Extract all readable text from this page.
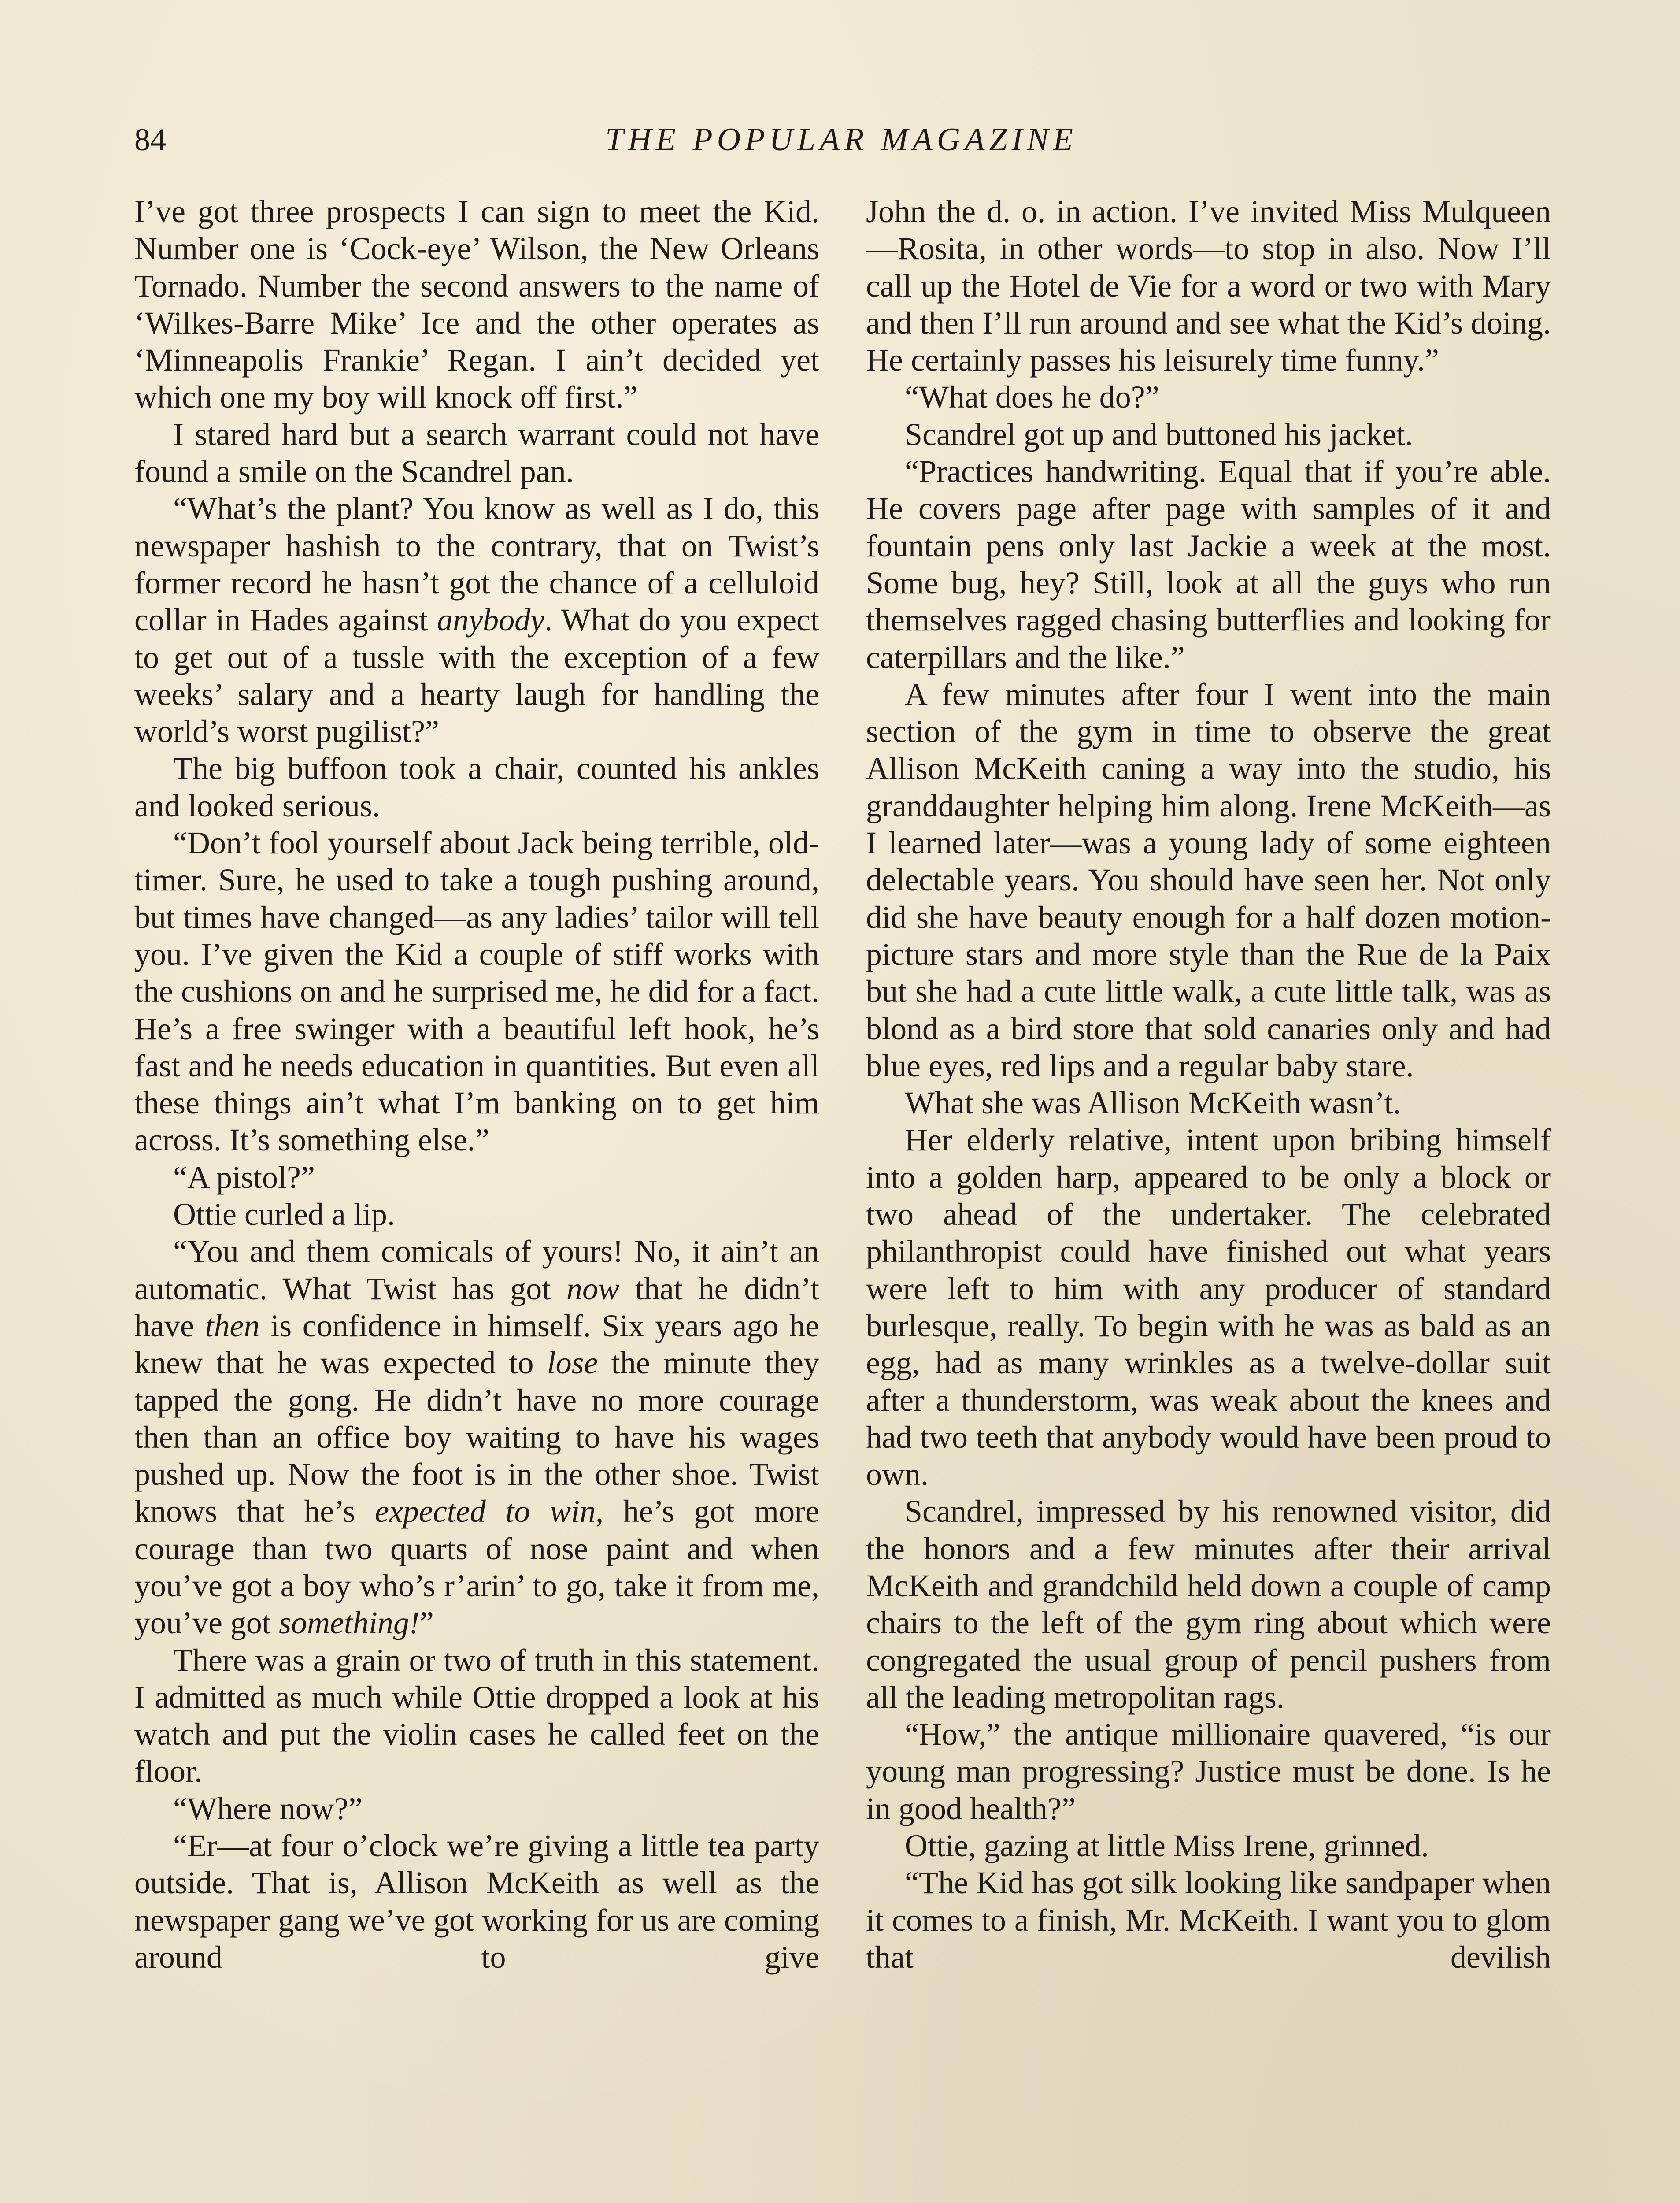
84	THE POPULAR MAGAZINE

I’ve got three prospects I can sign to meet the Kid. Number one is ‘Cock-eye’ Wilson, the New Orleans Tornado. Number the second answers to the name of ‘Wilkes-Barre Mike’ Ice and the other operates as ‘Minneapolis Frankie’ Regan. I ain’t decided yet which one my boy will knock off first.”

I stared hard but a search warrant could not have found a smile on the Scandrel pan.

“What’s the plant? You know as well as I do, this newspaper hashish to the contrary, that on Twist’s former record he hasn’t got the chance of a celluloid collar in Hades against anybody. What do you expect to get out of a tussle with the exception of a few weeks’ salary and a hearty laugh for handling the world’s worst pugilist?”

The big buffoon took a chair, counted his ankles and looked serious.

“Don’t fool yourself about Jack being terrible, old-timer. Sure, he used to take a tough pushing around, but times have changed—as any ladies’ tailor will tell you. I’ve given the Kid a couple of stiff works with the cushions on and he surprised me, he did for a fact. He’s a free swinger with a beautiful left hook, he’s fast and he needs education in quantities. But even all these things ain’t what I’m banking on to get him across. It’s something else.”

“A pistol?”

Ottie curled a lip.

“You and them comicals of yours! No, it ain’t an automatic. What Twist has got now that he didn’t have then is confidence in himself. Six years ago he knew that he was expected to lose the minute they tapped the gong. He didn’t have no more courage then than an office boy waiting to have his wages pushed up. Now the foot is in the other shoe. Twist knows that he’s expected to win, he’s got more courage than two quarts of nose paint and when you’ve got a boy who’s r’arin’ to go, take it from me, you’ve got something!”

There was a grain or two of truth in this statement. I admitted as much while Ottie dropped a look at his watch and put the violin cases he called feet on the floor.

“Where now?”

“Er—at four o’clock we’re giving a little tea party outside. That is, Allison McKeith as well as the newspaper gang we’ve got working for us are coming around to give

John the d. o. in action. I’ve invited Miss Mulqueen—Rosita, in other words—to stop in also. Now I’ll call up the Hotel de Vie for a word or two with Mary and then I’ll run around and see what the Kid’s doing. He certainly passes his leisurely time funny.”

“What does he do?”

Scandrel got up and buttoned his jacket.

“Practices handwriting. Equal that if you’re able. He covers page after page with samples of it and fountain pens only last Jackie a week at the most. Some bug, hey? Still, look at all the guys who run themselves ragged chasing butterflies and looking for caterpillars and the like.”

A few minutes after four I went into the main section of the gym in time to observe the great Allison McKeith caning a way into the studio, his granddaughter helping him along. Irene McKeith—as I learned later—was a young lady of some eighteen delectable years. You should have seen her. Not only did she have beauty enough for a half dozen motion-picture stars and more style than the Rue de la Paix but she had a cute little walk, a cute little talk, was as blond as a bird store that sold canaries only and had blue eyes, red lips and a regular baby stare.

What she was Allison McKeith wasn’t.

Her elderly relative, intent upon bribing himself into a golden harp, appeared to be only a block or two ahead of the undertaker. The celebrated philanthropist could have finished out what years were left to him with any producer of standard burlesque, really. To begin with he was as bald as an egg, had as many wrinkles as a twelve-dollar suit after a thunderstorm, was weak about the knees and had two teeth that anybody would have been proud to own.

Scandrel, impressed by his renowned visitor, did the honors and a few minutes after their arrival McKeith and grandchild held down a couple of camp chairs to the left of the gym ring about which were congregated the usual group of pencil pushers from all the leading metropolitan rags.

“How,” the antique millionaire quavered, “is our young man progressing? Justice must be done. Is he in good health?”

Ottie, gazing at little Miss Irene, grinned.

“The Kid has got silk looking like sandpaper when it comes to a finish, Mr. McKeith. I want you to glom that devilish
